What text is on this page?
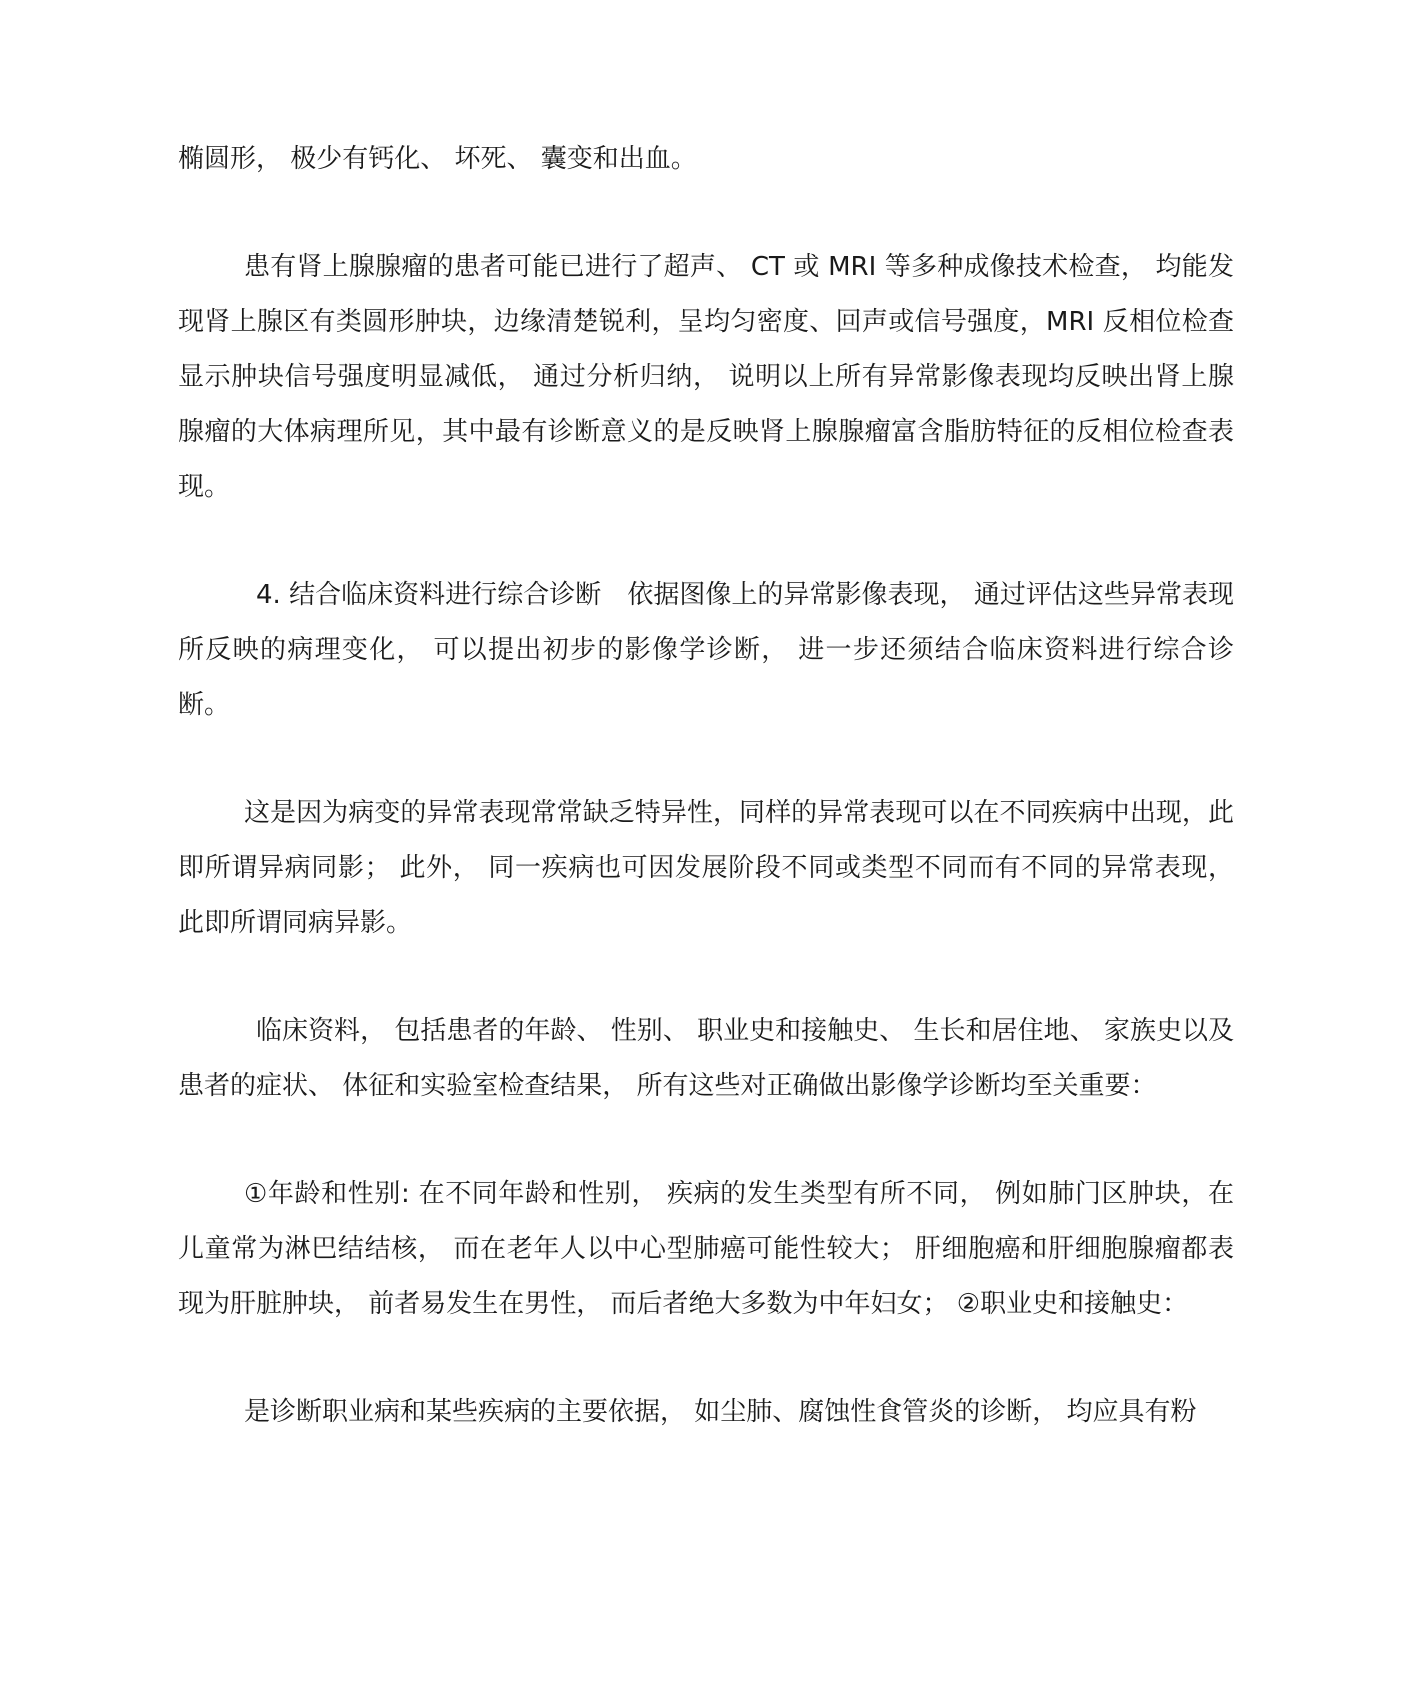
椭圆形， 极少有钙化、 坏死、 囊变和出血。

患有肾上腺腺瘤的患者可能已进行了超声、 CT 或 MRI 等多种成像技术检查， 均能发现肾上腺区有类圆形肿块，边缘清楚锐利，呈均匀密度、回声或信号强度，MRI 反相位检查显示肿块信号强度明显减低， 通过分析归纳， 说明以上所有异常影像表现均反映出肾上腺腺瘤的大体病理所见，其中最有诊断意义的是反映肾上腺腺瘤富含脂肪特征的反相位检查表现。

4. 结合临床资料进行综合诊断　依据图像上的异常影像表现， 通过评估这些异常表现所反映的病理变化， 可以提出初步的影像学诊断， 进一步还须结合临床资料进行综合诊断。

这是因为病变的异常表现常常缺乏特异性，同样的异常表现可以在不同疾病中出现，此即所谓异病同影； 此外， 同一疾病也可因发展阶段不同或类型不同而有不同的异常表现， 此即所谓同病异影。

临床资料， 包括患者的年龄、 性别、 职业史和接触史、 生长和居住地、 家族史以及患者的症状、 体征和实验室检查结果， 所有这些对正确做出影像学诊断均至关重要：

①年龄和性别: 在不同年龄和性别， 疾病的发生类型有所不同， 例如肺门区肿块，在儿童常为淋巴结结核， 而在老年人以中心型肺癌可能性较大； 肝细胞癌和肝细胞腺瘤都表现为肝脏肿块， 前者易发生在男性， 而后者绝大多数为中年妇女； ②职业史和接触史：

是诊断职业病和某些疾病的主要依据， 如尘肺、腐蚀性食管炎的诊断， 均应具有粉
